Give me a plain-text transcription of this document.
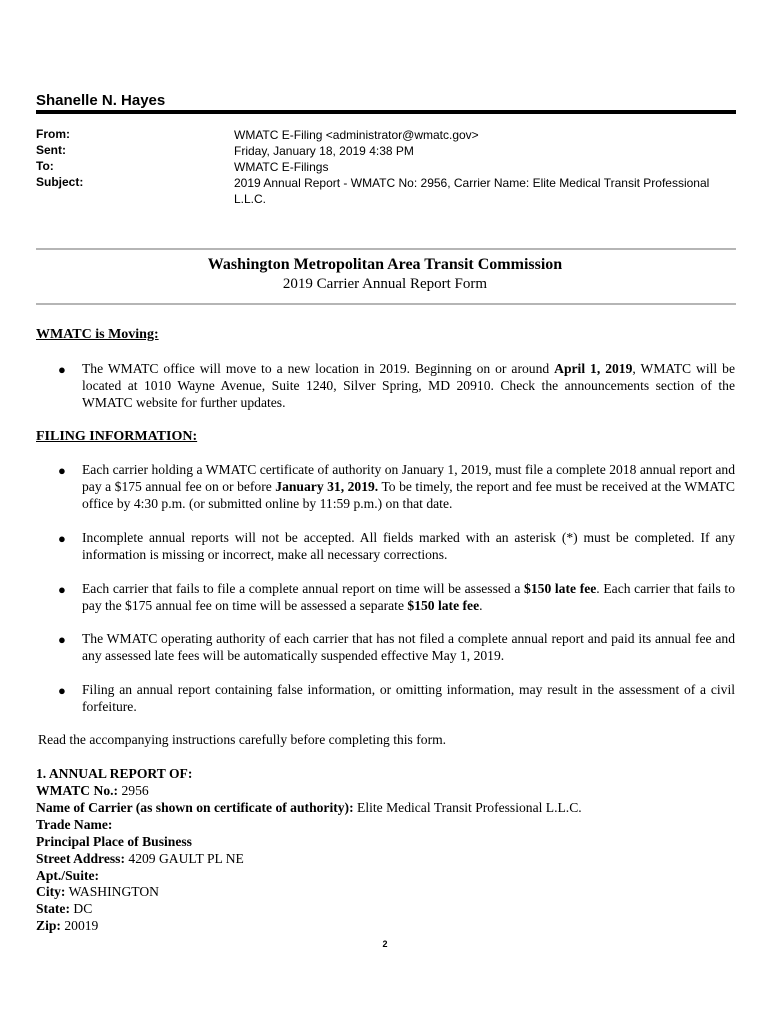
Shanelle N. Hayes
From:	WMATC E-Filing <administrator@wmatc.gov>
Sent:	Friday, January 18, 2019 4:38 PM
To:	WMATC E-Filings
Subject:	2019 Annual Report - WMATC No: 2956, Carrier Name: Elite Medical Transit Professional L.L.C.
Washington Metropolitan Area Transit Commission
2019 Carrier Annual Report Form
WMATC is Moving:
● The WMATC office will move to a new location in 2019. Beginning on or around April 1, 2019, WMATC will be located at 1010 Wayne Avenue, Suite 1240, Silver Spring, MD 20910. Check the announcements section of the WMATC website for further updates.
FILING INFORMATION:
● Each carrier holding a WMATC certificate of authority on January 1, 2019, must file a complete 2018 annual report and pay a $175 annual fee on or before January 31, 2019. To be timely, the report and fee must be received at the WMATC office by 4:30 p.m. (or submitted online by 11:59 p.m.) on that date.
● Incomplete annual reports will not be accepted. All fields marked with an asterisk (*) must be completed. If any information is missing or incorrect, make all necessary corrections.
● Each carrier that fails to file a complete annual report on time will be assessed a $150 late fee. Each carrier that fails to pay the $175 annual fee on time will be assessed a separate $150 late fee.
● The WMATC operating authority of each carrier that has not filed a complete annual report and paid its annual fee and any assessed late fees will be automatically suspended effective May 1, 2019.
● Filing an annual report containing false information, or omitting information, may result in the assessment of a civil forfeiture.
Read the accompanying instructions carefully before completing this form.
1. ANNUAL REPORT OF:
WMATC No.: 2956
Name of Carrier (as shown on certificate of authority): Elite Medical Transit Professional L.L.C.
Trade Name:
Principal Place of Business
Street Address: 4209 GAULT PL NE
Apt./Suite:
City: WASHINGTON
State: DC
Zip: 20019
2
